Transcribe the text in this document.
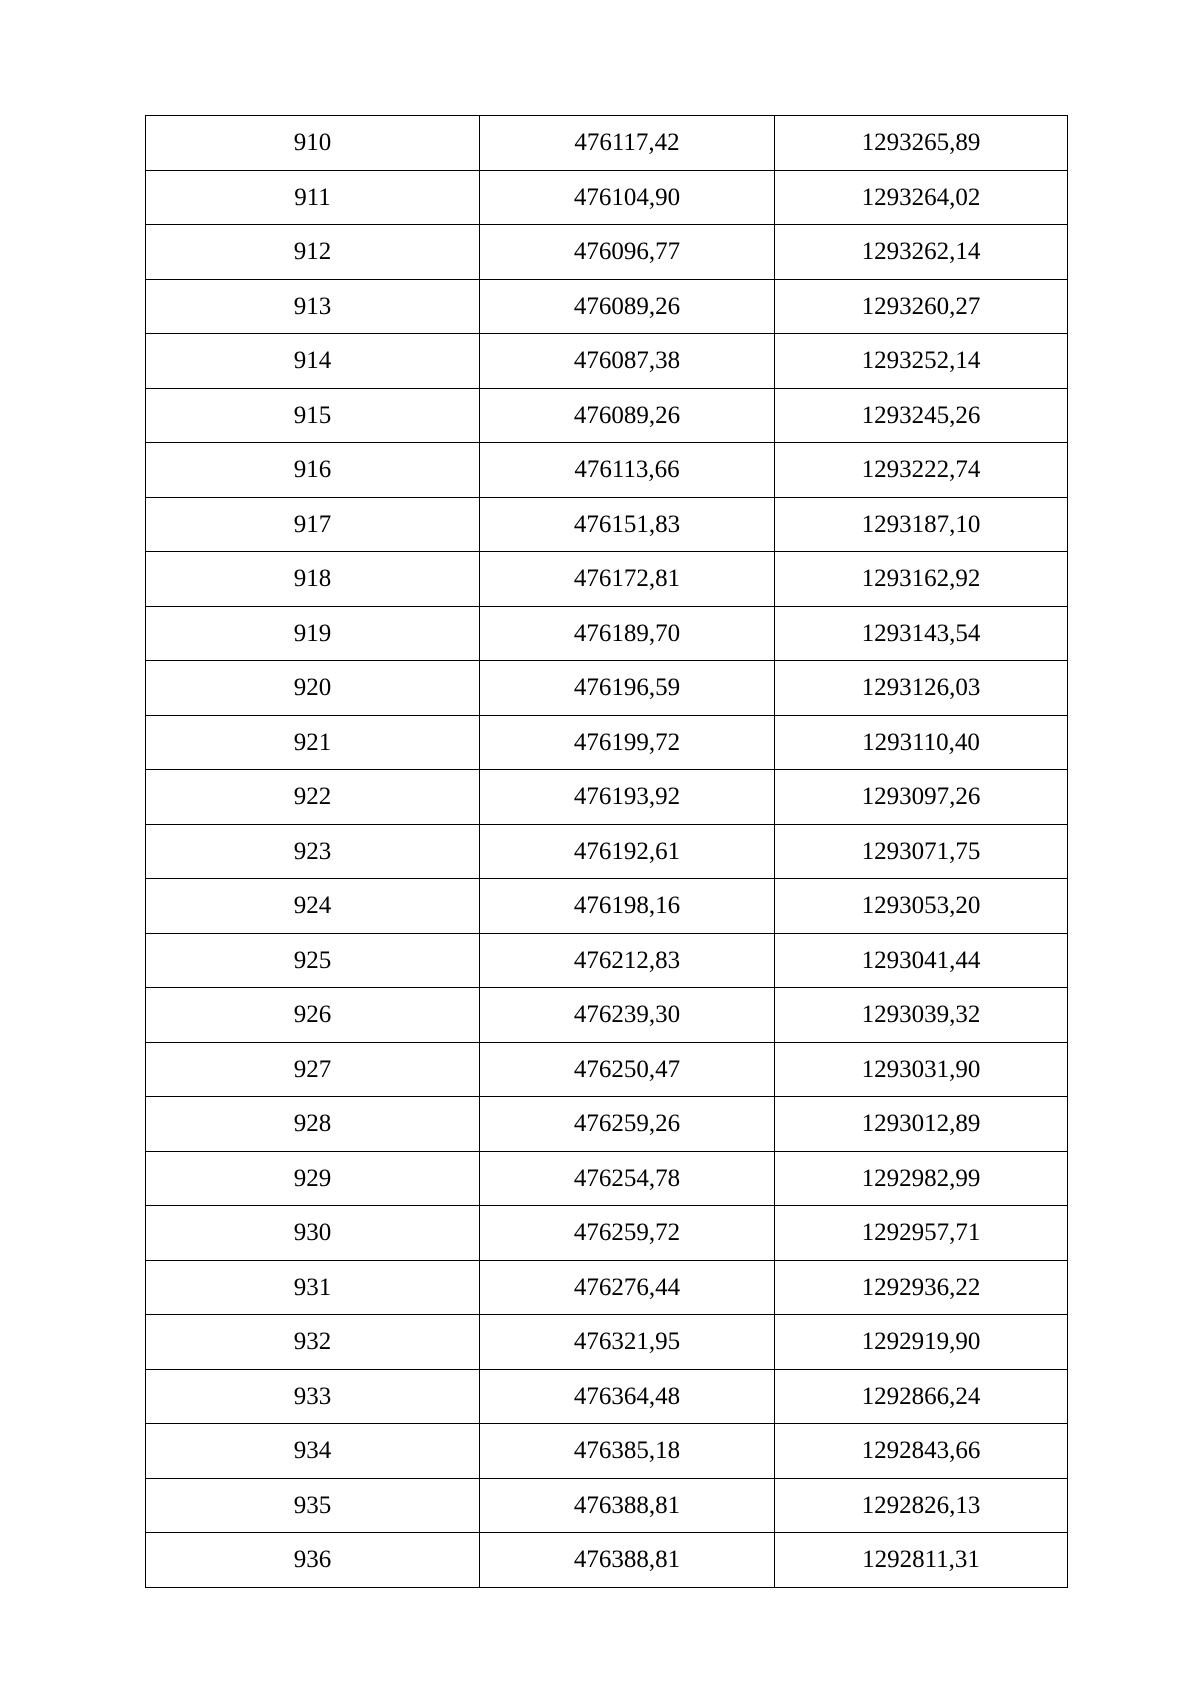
910	476117,42	1293265,89
911	476104,90	1293264,02
912	476096,77	1293262,14
913	476089,26	1293260,27
914	476087,38	1293252,14
915	476089,26	1293245,26
916	476113,66	1293222,74
917	476151,83	1293187,10
918	476172,81	1293162,92
919	476189,70	1293143,54
920	476196,59	1293126,03
921	476199,72	1293110,40
922	476193,92	1293097,26
923	476192,61	1293071,75
924	476198,16	1293053,20
925	476212,83	1293041,44
926	476239,30	1293039,32
927	476250,47	1293031,90
928	476259,26	1293012,89
929	476254,78	1292982,99
930	476259,72	1292957,71
931	476276,44	1292936,22
932	476321,95	1292919,90
933	476364,48	1292866,24
934	476385,18	1292843,66
935	476388,81	1292826,13
936	476388,81	1292811,31
